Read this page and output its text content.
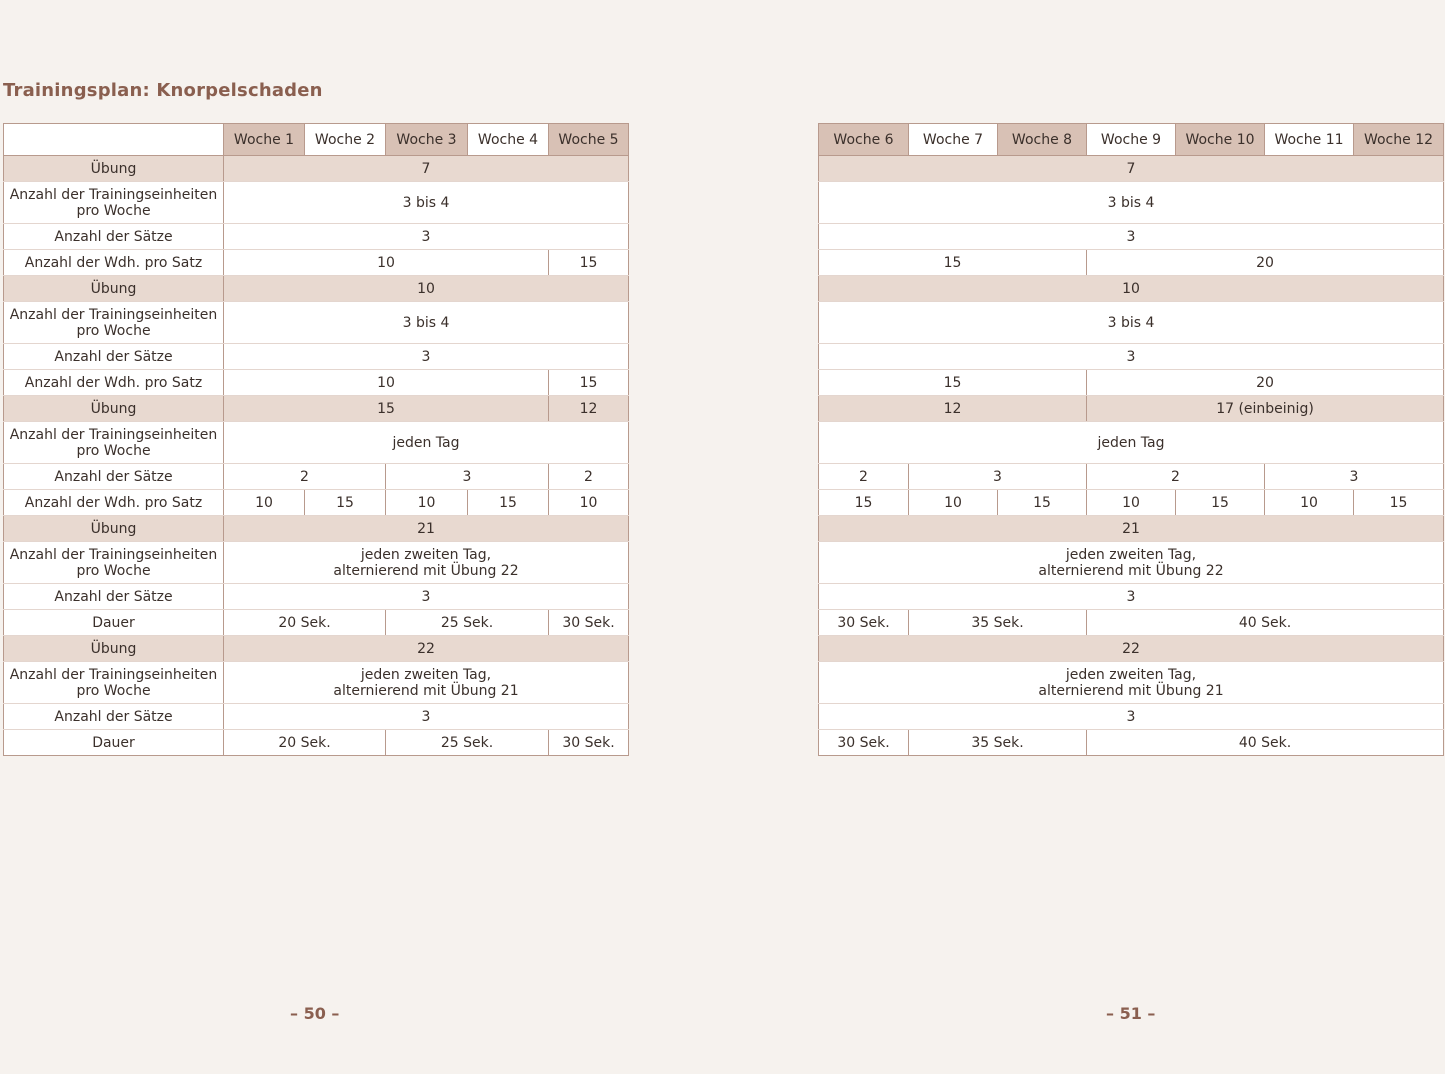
Trainingsplan: Knorpelschaden
	Woche 1	Woche 2	Woche 3	Woche 4	Woche 5
Übung	7				
Anzahl der Trainingseinheiten pro Woche	3 bis 4				
Anzahl der Sätze	3				
Anzahl der Wdh. pro Satz	10				15
Übung	10				
Anzahl der Trainingseinheiten pro Woche	3 bis 4				
Anzahl der Sätze	3				
Anzahl der Wdh. pro Satz	10				15
Übung	15				12
Anzahl der Trainingseinheiten pro Woche	jeden Tag				
Anzahl der Sätze	2		3		2
Anzahl der Wdh. pro Satz	10	15	10	15	10
Übung	21				
Anzahl der Trainingseinheiten pro Woche	jeden zweiten Tag,
alternierend mit Übung 22				
Anzahl der Sätze	3				
Dauer	20 Sek.		25 Sek.		30 Sek.
Übung	22				
Anzahl der Trainingseinheiten pro Woche	jeden zweiten Tag,
alternierend mit Übung 21				
Anzahl der Sätze	3				
Dauer	20 Sek.		25 Sek.		30 Sek.
Woche 6	Woche 7	Woche 8	Woche 9	Woche 10	Woche 11	Woche 12
7						
3 bis 4						
3						
15			20			
10						
3 bis 4						
3						
15			20			
12			17 (einbeinig)			
jeden Tag						
2	3		2		3	
15	10	15	10	15	10	15
21						
jeden zweiten Tag,
alternierend mit Übung 22						
3						
30 Sek.	35 Sek.		40 Sek.			
22						
jeden zweiten Tag,
alternierend mit Übung 21						
3						
30 Sek.	35 Sek.		40 Sek.			
– 50 –	– 51 –
